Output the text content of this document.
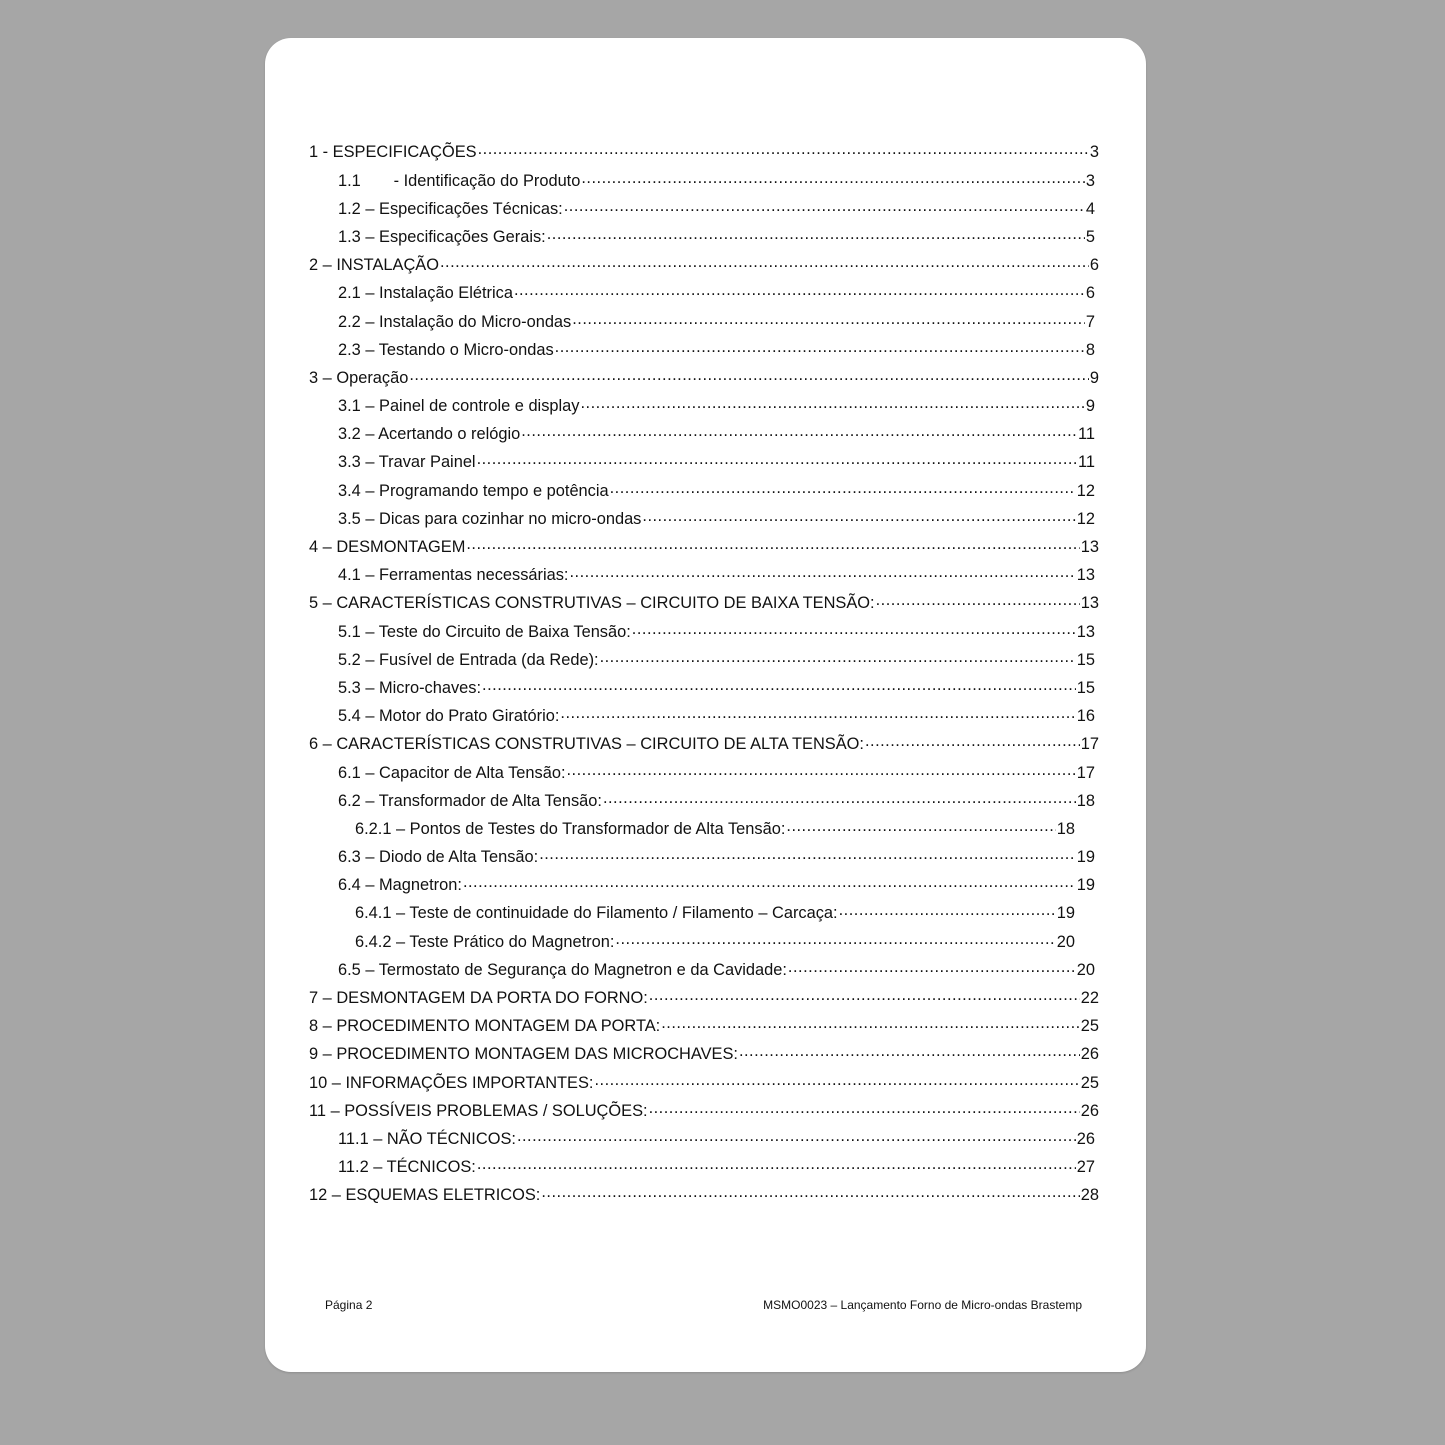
1 - ESPECIFICAÇÕES .....	3
1.1  - Identificação do Produto .....	3
1.2 – Especificações Técnicas: .....	4
1.3 – Especificações Gerais: .....	5
2 – INSTALAÇÃO .....	6
2.1 – Instalação Elétrica .....	6
2.2 – Instalação do Micro-ondas .....	7
2.3 – Testando o Micro-ondas .....	8
3 – Operação .....	9
3.1 – Painel de controle e display .....	9
3.2 – Acertando o relógio .....	11
3.3 – Travar Painel .....	11
3.4 – Programando tempo e potência .....	12
3.5 – Dicas para cozinhar no micro-ondas .....	12
4 – DESMONTAGEM .....	13
4.1 – Ferramentas necessárias: .....	13
5 – CARACTERÍSTICAS CONSTRUTIVAS – CIRCUITO DE BAIXA TENSÃO: .....	13
5.1 – Teste do Circuito de Baixa Tensão: .....	13
5.2 – Fusível de Entrada (da Rede): .....	15
5.3 – Micro-chaves: .....	15
5.4 – Motor do Prato Giratório: .....	16
6 – CARACTERÍSTICAS CONSTRUTIVAS – CIRCUITO DE ALTA TENSÃO: .....	17
6.1 – Capacitor de Alta Tensão: .....	17
6.2 – Transformador de Alta Tensão: .....	18
6.2.1 – Pontos de Testes do Transformador de Alta Tensão: .....	18
6.3 – Diodo de Alta Tensão: .....	19
6.4 – Magnetron: .....	19
6.4.1 – Teste de continuidade do Filamento / Filamento – Carcaça: .....	19
6.4.2 – Teste Prático do Magnetron: .....	20
6.5 – Termostato de Segurança do Magnetron e da Cavidade: .....	20
7 – DESMONTAGEM DA PORTA DO FORNO: .....	22
8 – PROCEDIMENTO MONTAGEM DA PORTA: .....	25
9 – PROCEDIMENTO MONTAGEM DAS MICROCHAVES: .....	26
10 – INFORMAÇÕES IMPORTANTES: .....	25
11 – POSSÍVEIS PROBLEMAS / SOLUÇÕES: .....	26
11.1 – NÃO TÉCNICOS: .....	26
11.2 – TÉCNICOS: .....	27
12 – ESQUEMAS ELETRICOS: .....	28
Página 2	MSMO0023 – Lançamento Forno de Micro-ondas Brastemp
